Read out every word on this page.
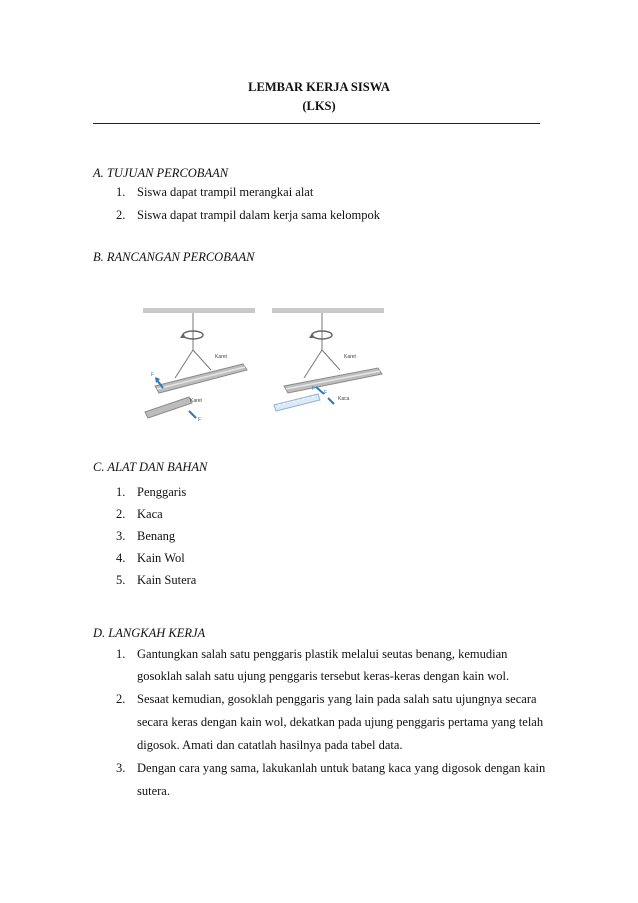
LEMBAR KERJA SISWA
(LKS)
A. TUJUAN PERCOBAAN
1. Siswa dapat trampil merangkai alat
2. Siswa dapat trampil dalam kerja sama kelompok
B. RANCANGAN PERCOBAAN
Karet
Karet
F
F
Karet
Kaca
F
F
C. ALAT DAN BAHAN
1. Penggaris
2. Kaca
3. Benang
4. Kain Wol
5. Kain Sutera
D. LANGKAH KERJA
1. Gantungkan salah satu penggaris plastik melalui seutas benang, kemudian
gosoklah salah satu ujung penggaris tersebut keras-keras dengan kain wol.
2. Sesaat kemudian, gosoklah penggaris yang lain pada salah satu ujungnya secara
secara keras dengan kain wol, dekatkan pada ujung penggaris pertama yang telah
digosok. Amati dan catatlah hasilnya pada tabel data.
3. Dengan cara yang sama, lakukanlah untuk batang kaca yang digosok dengan kain
sutera.
